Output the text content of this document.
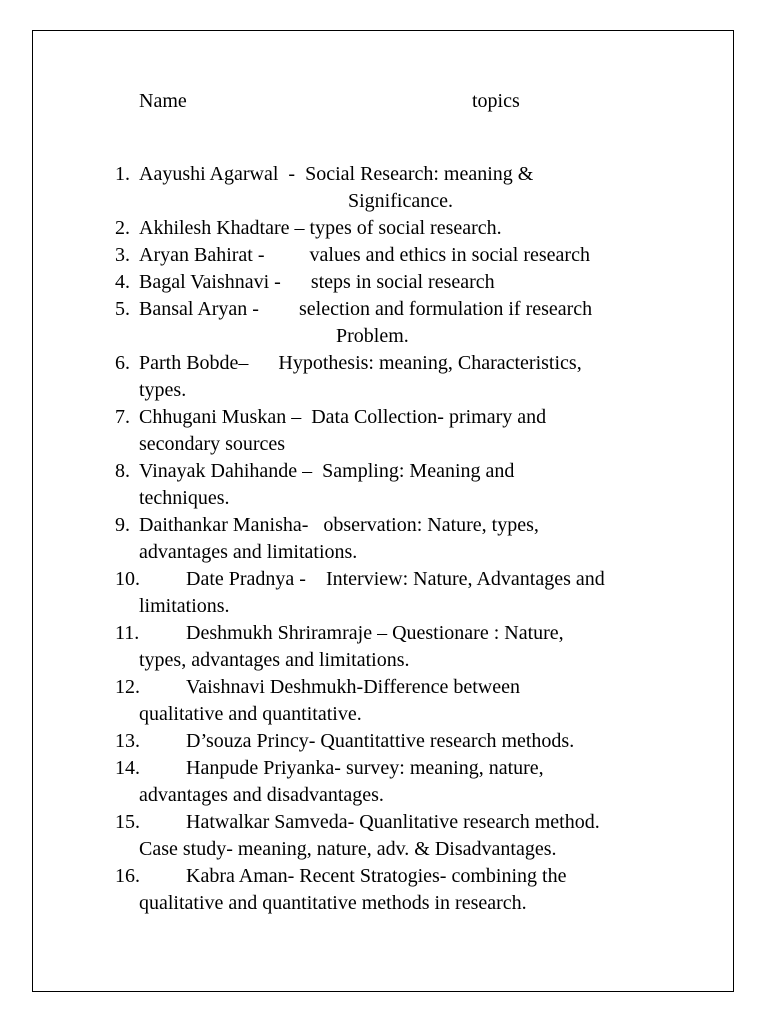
Name	topics
1. Aayushi Agarwal  -  Social Research: meaning &
Significance.
2. Akhilesh Khadtare – types of social research.
3. Aryan Bahirat -         values and ethics in social research
4. Bagal Vaishnavi -      steps in social research
5. Bansal Aryan -        selection and formulation if research
Problem.
6. Parth Bobde–      Hypothesis: meaning, Characteristics,
types.
7. Chhugani Muskan –  Data Collection- primary and
secondary sources
8. Vinayak Dahihande –  Sampling: Meaning and
techniques.
9. Daithankar Manisha-   observation: Nature, types,
advantages and limitations.
10. Date Pradnya -    Interview: Nature, Advantages and
limitations.
11. Deshmukh Shriramraje – Questionare : Nature,
types, advantages and limitations.
12. Vaishnavi Deshmukh-Difference between
qualitative and quantitative.
13. D’souza Princy- Quantitattive research methods.
14. Hanpude Priyanka- survey: meaning, nature,
advantages and disadvantages.
15. Hatwalkar Samveda- Quanlitative research method.
Case study- meaning, nature, adv. & Disadvantages.
16. Kabra Aman- Recent Stratogies- combining the
qualitative and quantitative methods in research.
